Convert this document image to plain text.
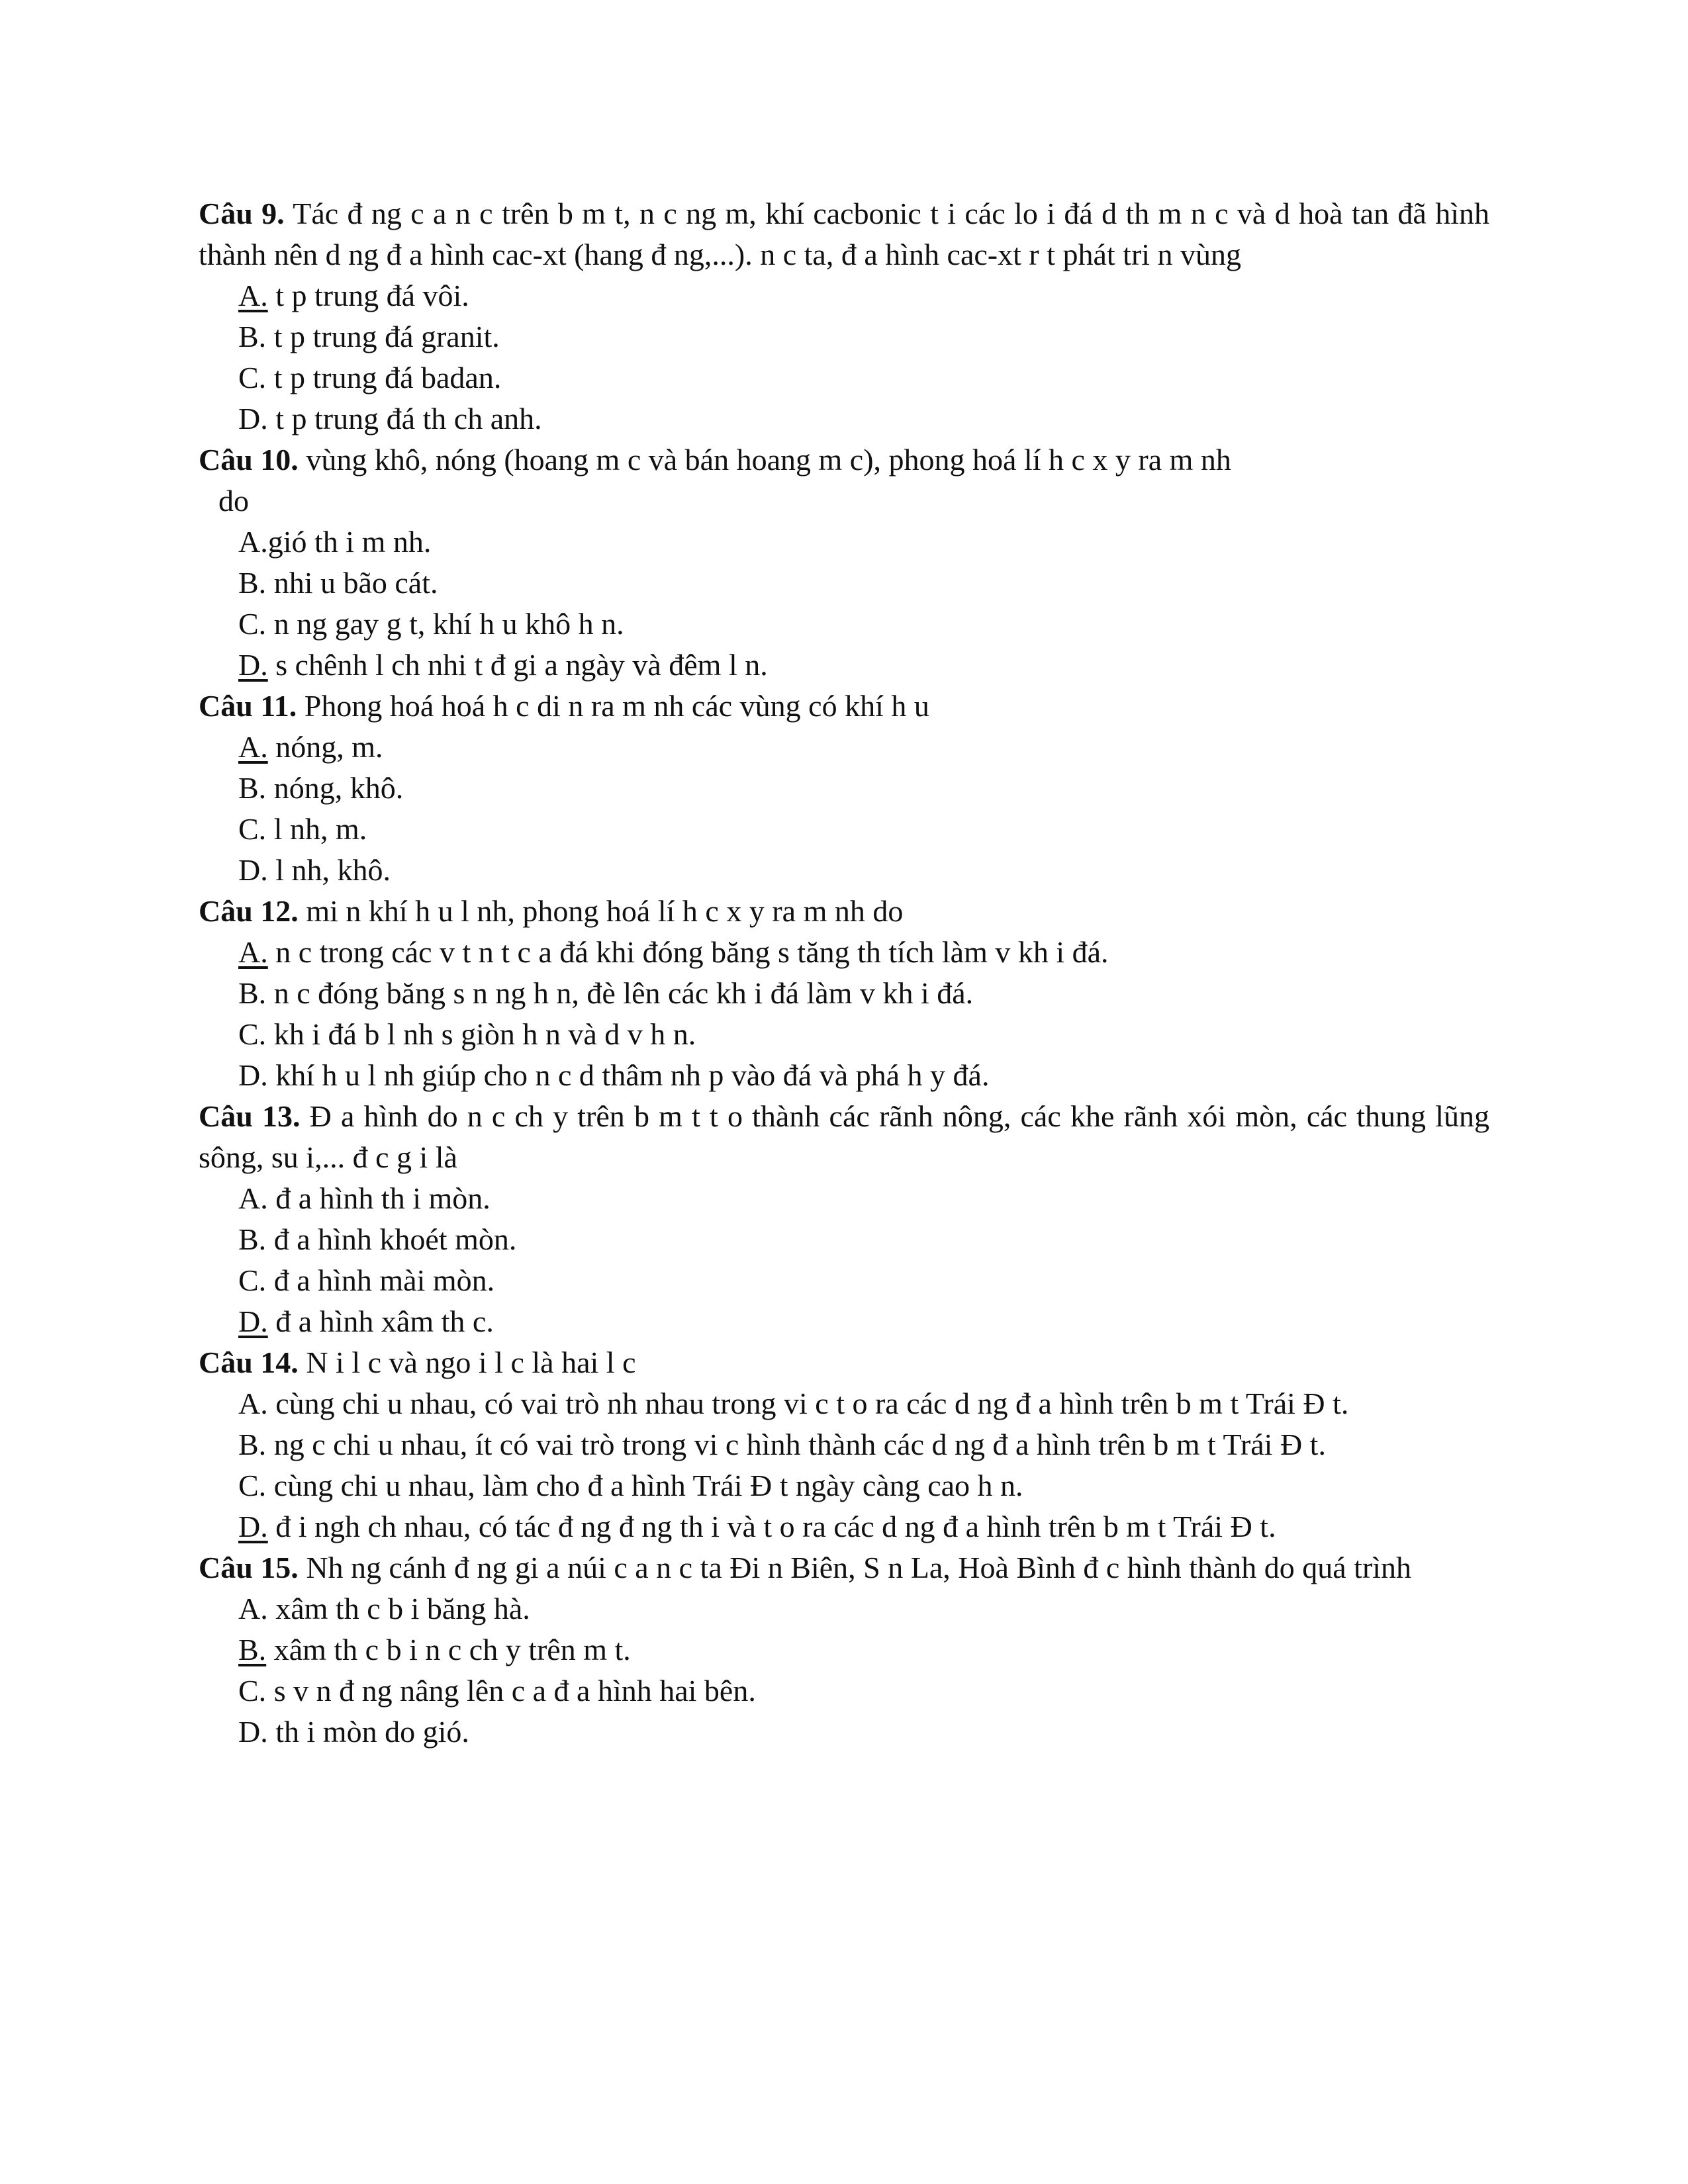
Câu 9. Tác đ ng c a n c trên b m t, n c ng m, khí cacbonic t i các lo i đá d th m n c và d hoà tan đã hình thành nên d ng đ a hình cac-xt (hang đ ng,...). n c ta, đ a hình cac-xt r t phát tri n vùng

A. t p trung đá vôi.

B. t p trung đá granit.

C. t p trung đá badan.

D. t p trung đá th ch anh.

Câu 10. vùng khô, nóng (hoang m c và bán hoang m c), phong hoá lí h c x y ra m nh

do

A.gió th i m nh.

B. nhi u bão cát.

C. n ng gay g t, khí h u khô h n.

D. s chênh l ch nhi t đ gi a ngày và đêm l n.

Câu 11. Phong hoá hoá h c di n ra m nh các vùng có khí h u

A. nóng, m.

B. nóng, khô.

C. l nh, m.

D. l nh, khô.

Câu 12. mi n khí h u l nh, phong hoá lí h c x y ra m nh do

A. n c trong các v t n t c a đá khi đóng băng s tăng th tích làm v kh i đá.

B. n c đóng băng s n ng h n, đè lên các kh i đá làm v kh i đá.

C. kh i đá b l nh s giòn h n và d v h n.

D. khí h u l nh giúp cho n c d thâm nh p vào đá và phá h y đá.

Câu 13. Đ a hình do n c ch y trên b m t t o thành các rãnh nông, các khe rãnh xói mòn, các thung lũng sông, su i,... đ c g i là

A. đ a hình th i mòn.

B. đ a hình khoét mòn.

C. đ a hình mài mòn.

D. đ a hình xâm th c.

Câu 14. N i l c và ngo i l c là hai l c

A. cùng chi u nhau, có vai trò nh nhau trong vi c t o ra các d ng đ a hình trên b m t Trái Đ t.

B. ng c chi u nhau, ít có vai trò trong vi c hình thành các d ng đ a hình trên b m t Trái Đ t.

C. cùng chi u nhau, làm cho đ a hình Trái Đ t ngày càng cao h n.

D. đ i ngh ch nhau, có tác đ ng đ ng th i và t o ra các d ng đ a hình trên b m t Trái Đ t.

Câu 15. Nh ng cánh đ ng gi a núi c a n c ta Đi n Biên, S n La, Hoà Bình đ c hình thành do quá trình

A. xâm th c b i băng hà.

B. xâm th c b i n c ch y trên m t.

C. s v n đ ng nâng lên c a đ a hình hai bên.

D. th i mòn do gió.
